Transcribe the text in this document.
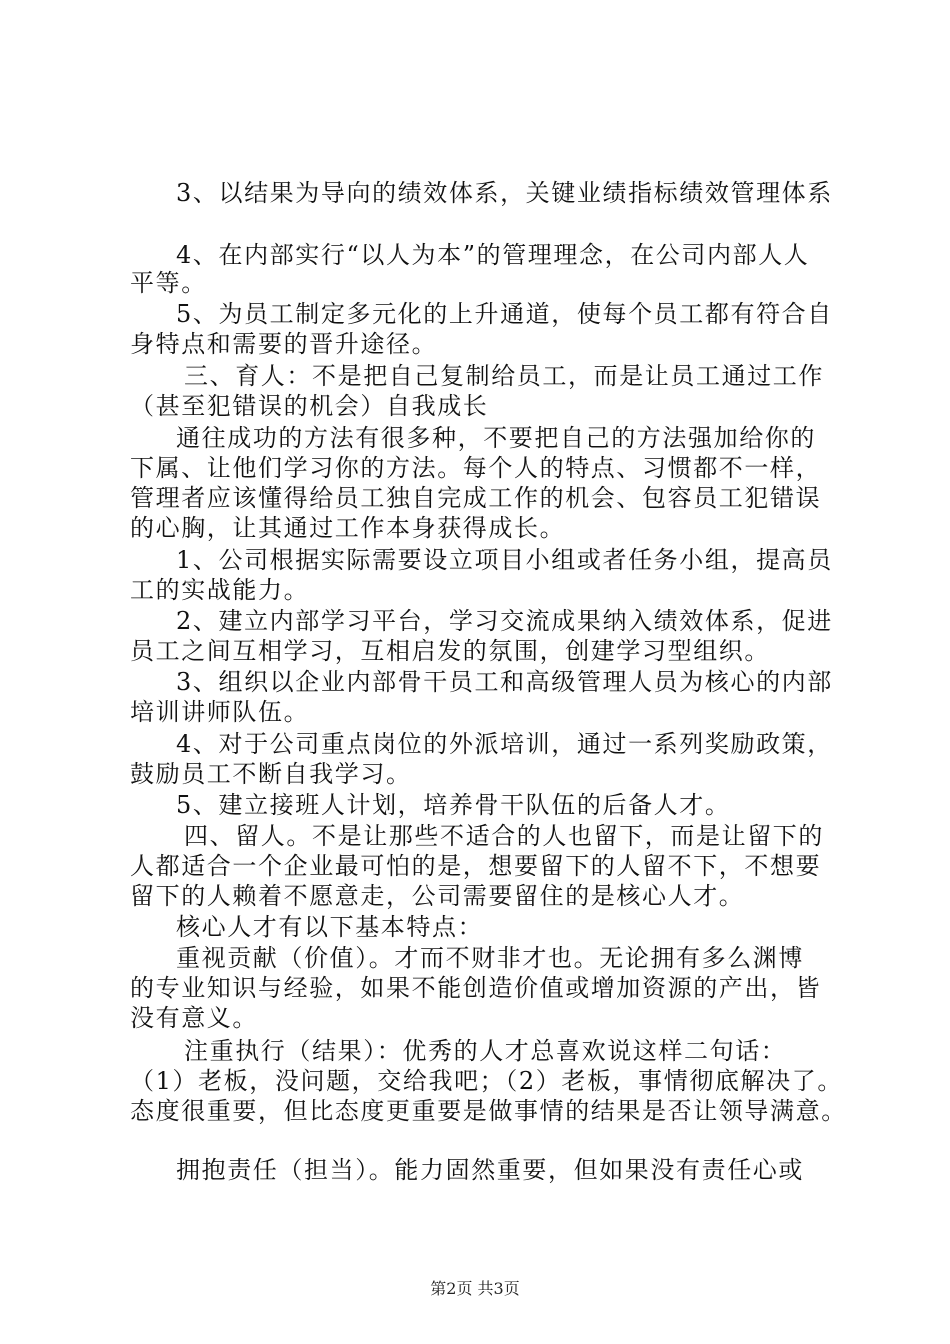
3、以结果为导向的绩效体系，关键业绩指标绩效管理体系
4、在内部实行“以人为本”的管理理念，在公司内部人人
平等。
5、为员工制定多元化的上升通道，使每个员工都有符合自
身特点和需要的晋升途径。
三、育人：不是把自己复制给员工，而是让员工通过工作
（甚至犯错误的机会）自我成长
通往成功的方法有很多种，不要把自己的方法强加给你的
下属、让他们学习你的方法。每个人的特点、习惯都不一样，
管理者应该懂得给员工独自完成工作的机会、包容员工犯错误
的心胸，让其通过工作本身获得成长。
1、公司根据实际需要设立项目小组或者任务小组，提高员
工的实战能力。
2、建立内部学习平台，学习交流成果纳入绩效体系，促进
员工之间互相学习，互相启发的氛围，创建学习型组织。
3、组织以企业内部骨干员工和高级管理人员为核心的内部
培训讲师队伍。
4、对于公司重点岗位的外派培训，通过一系列奖励政策，
鼓励员工不断自我学习。
5、建立接班人计划，培养骨干队伍的后备人才。
四、留人。不是让那些不适合的人也留下，而是让留下的
人都适合一个企业最可怕的是，想要留下的人留不下，不想要
留下的人赖着不愿意走，公司需要留住的是核心人才。
核心人才有以下基本特点：
重视贡献（价值）。才而不财非才也。无论拥有多么渊博
的专业知识与经验，如果不能创造价值或增加资源的产出，皆
没有意义。
注重执行（结果）：优秀的人才总喜欢说这样二句话：
（1）老板，没问题，交给我吧；（2）老板，事情彻底解决了。
态度很重要，但比态度更重要是做事情的结果是否让领导满意。
拥抱责任（担当）。能力固然重要，但如果没有责任心或
第2页 共3页
